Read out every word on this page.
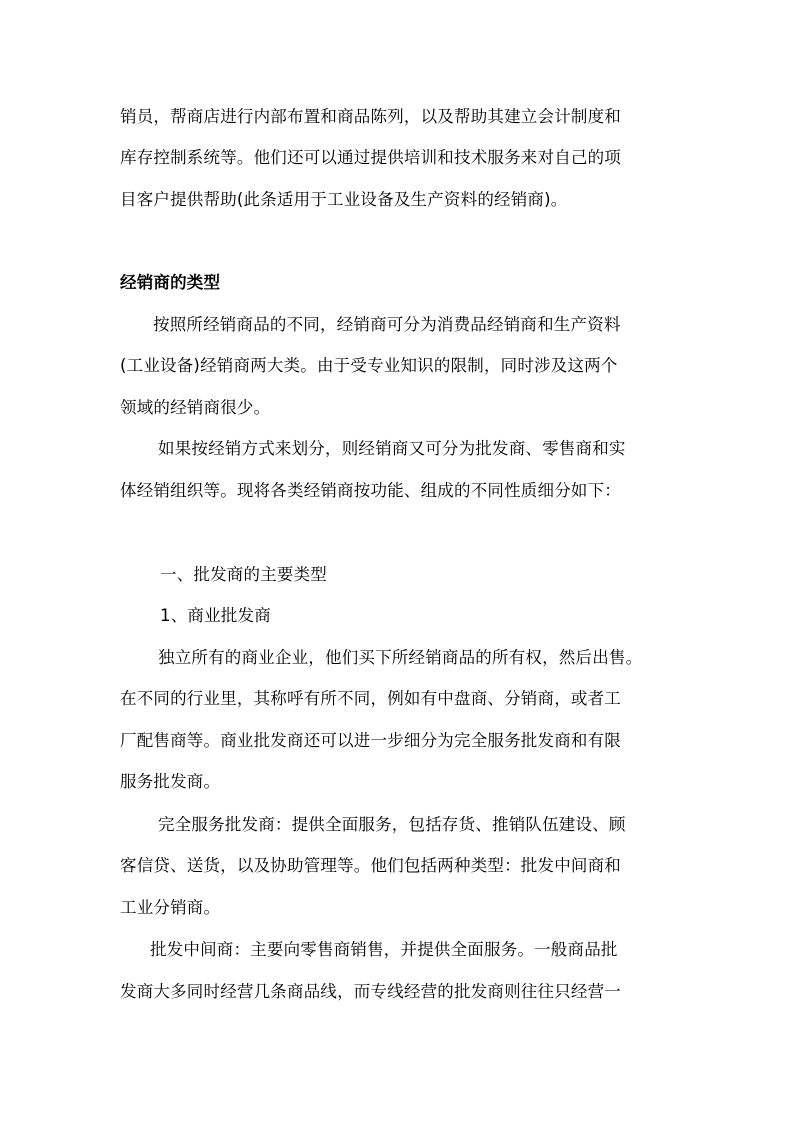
销员，帮商店进行内部布置和商品陈列，以及帮助其建立会计制度和
库存控制系统等。他们还可以通过提供培训和技术服务来对自己的项
目客户提供帮助(此条适用于工业设备及生产资料的经销商)。
经销商的类型
按照所经销商品的不同，经销商可分为消费品经销商和生产资料
(工业设备)经销商两大类。由于受专业知识的限制，同时涉及这两个
领域的经销商很少。
如果按经销方式来划分，则经销商又可分为批发商、零售商和实
体经销组织等。现将各类经销商按功能、组成的不同性质细分如下：
一、批发商的主要类型
1、商业批发商
独立所有的商业企业，他们买下所经销商品的所有权，然后出售。
在不同的行业里，其称呼有所不同，例如有中盘商、分销商，或者工
厂配售商等。商业批发商还可以进一步细分为完全服务批发商和有限
服务批发商。
完全服务批发商：提供全面服务，包括存货、推销队伍建设、顾
客信贷、送货，以及协助管理等。他们包括两种类型：批发中间商和
工业分销商。
批发中间商：主要向零售商销售，并提供全面服务。一般商品批
发商大多同时经营几条商品线，而专线经营的批发商则往往只经营一
